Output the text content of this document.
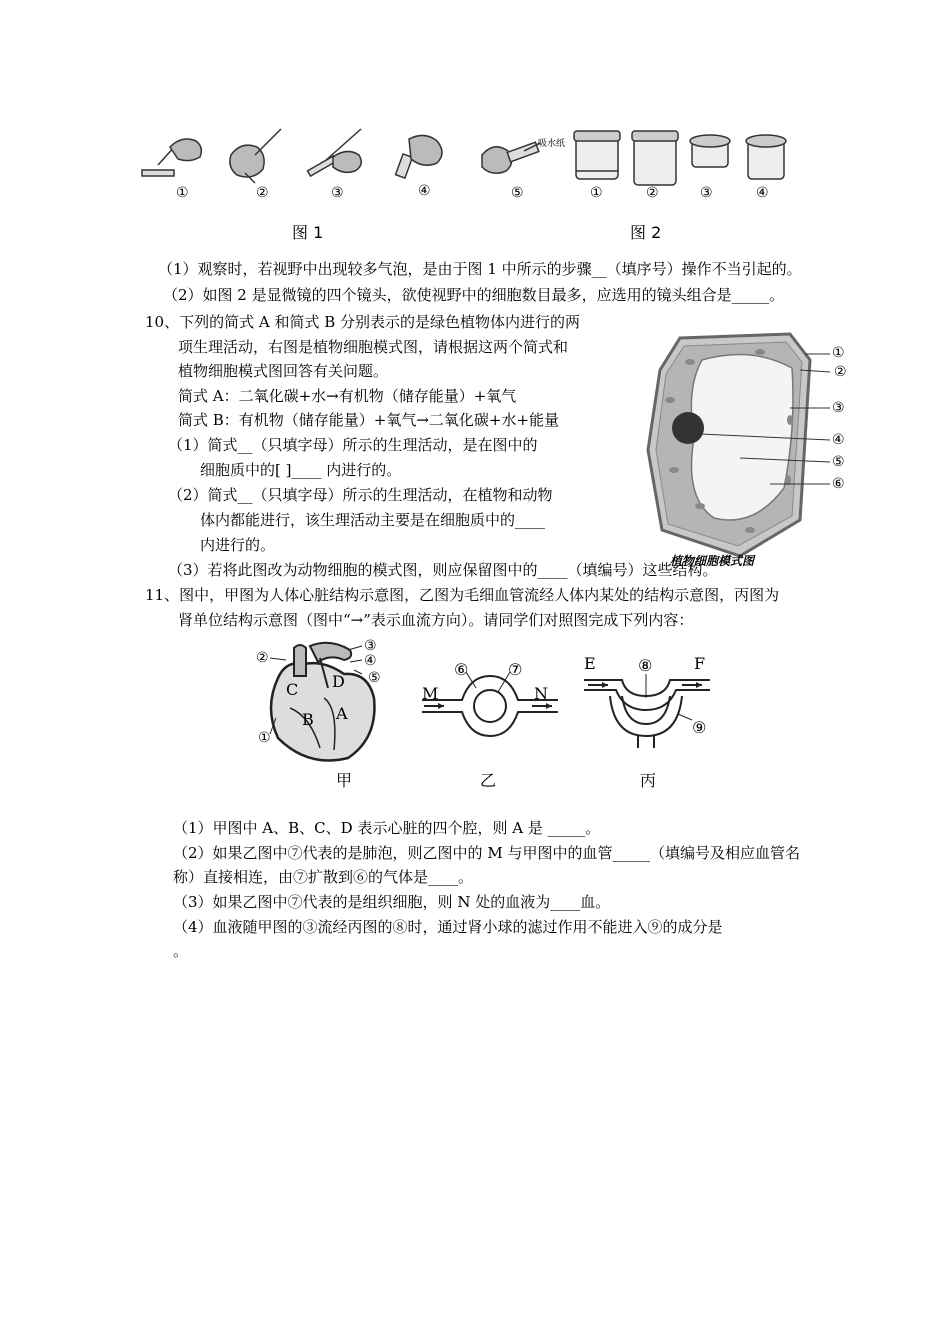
①	②	③	④	⑤
吸水纸
图 1
①	②	③	④
图 2
（1）观察时，若视野中出现较多气泡，是由于图 1 中所示的步骤__（填序号）操作不当引起的。
（2）如图 2 是显微镜的四个镜头，欲使视野中的细胞数目最多，应选用的镜头组合是_____。
10、下列的简式 A 和简式 B 分别表示的是绿色植物体内进行的两
项生理活动，右图是植物细胞模式图，请根据这两个简式和
植物细胞模式图回答有关问题。
简式 A：二氧化碳+水→有机物（储存能量）+氧气
简式 B：有机物（储存能量）+氧气→二氧化碳+水+能量
（1）简式__（只填字母）所示的生理活动，是在图中的
细胞质中的[ ]____ 内进行的。
（2）简式__（只填字母）所示的生理活动，在植物和动物
体内都能进行，该生理活动主要是在细胞质中的____
内进行的。
①
②
③
④
⑤
⑥
植物细胞模式图
（3）若将此图改为动物细胞的模式图，则应保留图中的____（填编号）这些结构。
11、图中，甲图为人体心脏结构示意图，乙图为毛细血管流经人体内某处的结构示意图，丙图为
肾单位结构示意图（图中“→”表示血流方向）。请同学们对照图完成下列内容：
③
②	④
⑤
①
C D
B A
甲
M	N
⑥ ⑦
乙
E	F
⑧
⑨
丙
（1）甲图中 A、B、C、D 表示心脏的四个腔，则 A 是 _____。
（2）如果乙图中⑦代表的是肺泡，则乙图中的 M 与甲图中的血管_____（填编号及相应血管名
称）直接相连，由⑦扩散到⑥的气体是____。
（3）如果乙图中⑦代表的是组织细胞，则 N 处的血液为____血。
（4）血液随甲图的③流经丙图的⑧时，通过肾小球的滤过作用不能进入⑨的成分是
。
